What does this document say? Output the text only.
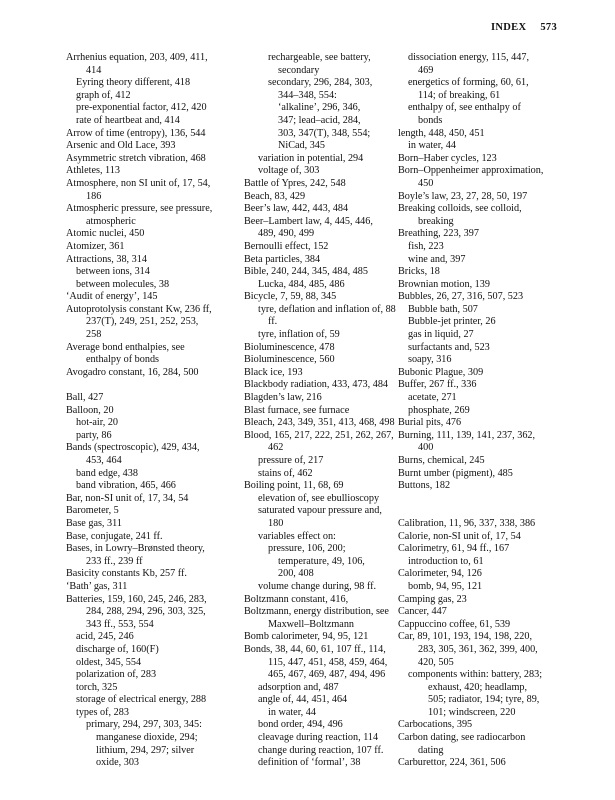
INDEX 573
Arrhenius equation, 203, 409, 411,
414
Eyring theory different, 418
graph of, 412
pre-exponential factor, 412, 420
rate of heartbeat and, 414
Arrow of time (entropy), 136, 544
Arsenic and Old Lace, 393
Asymmetric stretch vibration, 468
Athletes, 113
Atmosphere, non SI unit of, 17, 54,
186
Atmospheric pressure, see pressure,
atmospheric
Atomic nuclei, 450
Atomizer, 361
Attractions, 38, 314
between ions, 314
between molecules, 38
‘Audit of energy’, 145
Autoprotolysis constant Kw, 236 ff,
237(T), 249, 251, 252, 253,
258
Average bond enthalpies, see
enthalpy of bonds
Avogadro constant, 16, 284, 500
Ball, 427
Balloon, 20
hot-air, 20
party, 86
Bands (spectroscopic), 429, 434,
453, 464
band edge, 438
band vibration, 465, 466
Bar, non-SI unit of, 17, 34, 54
Barometer, 5
Base gas, 311
Base, conjugate, 241 ff.
Bases, in Lowry–Brønsted theory,
233 ff., 239 ff
Basicity constants Kb, 257 ff.
‘Bath’ gas, 311
Batteries, 159, 160, 245, 246, 283,
284, 288, 294, 296, 303, 325,
343 ff., 553, 554
acid, 245, 246
discharge of, 160(F)
oldest, 345, 554
polarization of, 283
torch, 325
storage of electrical energy, 288
types of, 283
primary, 294, 297, 303, 345:
manganese dioxide, 294;
lithium, 294, 297; silver
oxide, 303
rechargeable, see battery,
secondary
secondary, 296, 284, 303,
344–348, 554:
‘alkaline’, 296, 346,
347; lead–acid, 284,
303, 347(T), 348, 554;
NiCad, 345
variation in potential, 294
voltage of, 303
Battle of Ypres, 242, 548
Beach, 83, 429
Beer’s law, 442, 443, 484
Beer–Lambert law, 4, 445, 446,
489, 490, 499
Bernoulli effect, 152
Beta particles, 384
Bible, 240, 244, 345, 484, 485
Lucka, 484, 485, 486
Bicycle, 7, 59, 88, 345
tyre, deflation and inflation of, 88
ff.
tyre, inflation of, 59
Bioluminescence, 478
Bioluminescence, 560
Black ice, 193
Blackbody radiation, 433, 473, 484
Blagden’s law, 216
Blast furnace, see furnace
Bleach, 243, 349, 351, 413, 468, 498
Blood, 165, 217, 222, 251, 262, 267,
462
pressure of, 217
stains of, 462
Boiling point, 11, 68, 69
elevation of, see ebullioscopy
saturated vapour pressure and,
180
variables effect on:
pressure, 106, 200;
temperature, 49, 106,
200, 408
volume change during, 98 ff.
Boltzmann constant, 416,
Boltzmann, energy distribution, see
Maxwell–Boltzmann
Bomb calorimeter, 94, 95, 121
Bonds, 38, 44, 60, 61, 107 ff., 114,
115, 447, 451, 458, 459, 464,
465, 467, 469, 487, 494, 496
adsorption and, 487
angle of, 44, 451, 464
in water, 44
bond order, 494, 496
cleavage during reaction, 114
change during reaction, 107 ff.
definition of ‘formal’, 38
dissociation energy, 115, 447,
469
energetics of forming, 60, 61,
114; of breaking, 61
enthalpy of, see enthalpy of
bonds
length, 448, 450, 451
in water, 44
Born–Haber cycles, 123
Born–Oppenheimer approximation,
450
Boyle’s law, 23, 27, 28, 50, 197
Breaking colloids, see colloid,
breaking
Breathing, 223, 397
fish, 223
wine and, 397
Bricks, 18
Brownian motion, 139
Bubbles, 26, 27, 316, 507, 523
Bubble bath, 507
Bubble-jet printer, 26
gas in liquid, 27
surfactants and, 523
soapy, 316
Bubonic Plague, 309
Buffer, 267 ff., 336
acetate, 271
phosphate, 269
Burial pits, 476
Burning, 111, 139, 141, 237, 362,
400
Burns, chemical, 245
Burnt umber (pigment), 485
Buttons, 182
Calibration, 11, 96, 337, 338, 386
Calorie, non-SI unit of, 17, 54
Calorimetry, 61, 94 ff., 167
introduction to, 61
Calorimeter, 94, 126
bomb, 94, 95, 121
Camping gas, 23
Cancer, 447
Cappuccino coffee, 61, 539
Car, 89, 101, 193, 194, 198, 220,
283, 305, 361, 362, 399, 400,
420, 505
components within: battery, 283;
exhaust, 420; headlamp,
505; radiator, 194; tyre, 89,
101; windscreen, 220
Carbocations, 395
Carbon dating, see radiocarbon
dating
Carburettor, 224, 361, 506
